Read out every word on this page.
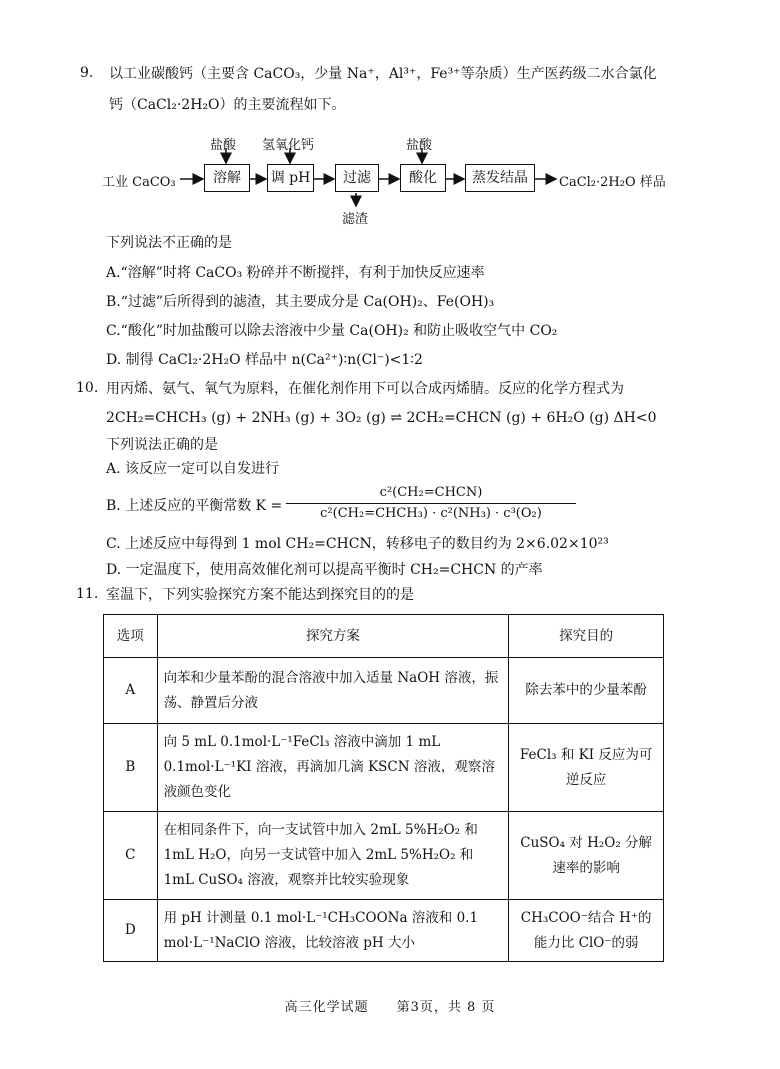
9. 以工业碳酸钙（主要含 CaCO₃，少量 Na⁺，Al³⁺，Fe³⁺等杂质）生产医药级二水合氯化
钙（CaCl₂·2H₂O）的主要流程如下。
工业 CaCO₃
盐酸 氢氧化钙	盐酸
溶解	调 pH	过滤	酸化	蒸发结晶
滤渣
CaCl₂·2H₂O 样品
下列说法不正确的是
A.“溶解”时将 CaCO₃ 粉碎并不断搅拌，有利于加快反应速率
B.“过滤”后所得到的滤渣，其主要成分是 Ca(OH)₂、Fe(OH)₃
C.“酸化”时加盐酸可以除去溶液中少量 Ca(OH)₂ 和防止吸收空气中 CO₂
D. 制得 CaCl₂·2H₂O 样品中 n(Ca²⁺)∶n(Cl⁻)<1∶2
10. 用丙烯、氨气、氧气为原料，在催化剂作用下可以合成丙烯腈。反应的化学方程式为
2CH₂=CHCH₃ (g) + 2NH₃ (g) + 3O₂ (g) ⇌ 2CH₂=CHCN (g) + 6H₂O (g) ΔH<0
下列说法正确的是
A. 该反应一定可以自发进行
B. 上述反应的平衡常数 K =
c²(CH₂=CHCN)
c²(CH₂=CHCH₃) · c²(NH₃) · c³(O₂)
C. 上述反应中每得到 1 mol CH₂=CHCN，转移电子的数目约为 2×6.02×10²³
D. 一定温度下，使用高效催化剂可以提高平衡时 CH₂=CHCN 的产率
11. 室温下，下列实验探究方案不能达到探究目的的是
选项	探究方案	探究目的
A	向苯和少量苯酚的混合溶液中加入适量 NaOH 溶液，振荡、静置后分液	除去苯中的少量苯酚
B	向 5 mL 0.1mol·L⁻¹FeCl₃ 溶液中滴加 1 mL 0.1mol·L⁻¹KI 溶液，再滴加几滴 KSCN 溶液，观察溶液颜色变化	FeCl₃ 和 KI 反应为可逆反应
C	在相同条件下，向一支试管中加入 2mL 5%H₂O₂ 和 1mL H₂O，向另一支试管中加入 2mL 5%H₂O₂ 和 1mL CuSO₄ 溶液，观察并比较实验现象	CuSO₄ 对 H₂O₂ 分解速率的影响
D	用 pH 计测量 0.1 mol·L⁻¹CH₃COONa 溶液和 0.1 mol·L⁻¹NaClO 溶液，比较溶液 pH 大小	CH₃COO⁻结合 H⁺的能力比 ClO⁻的弱
高三化学试题　　第3页，共 8 页
